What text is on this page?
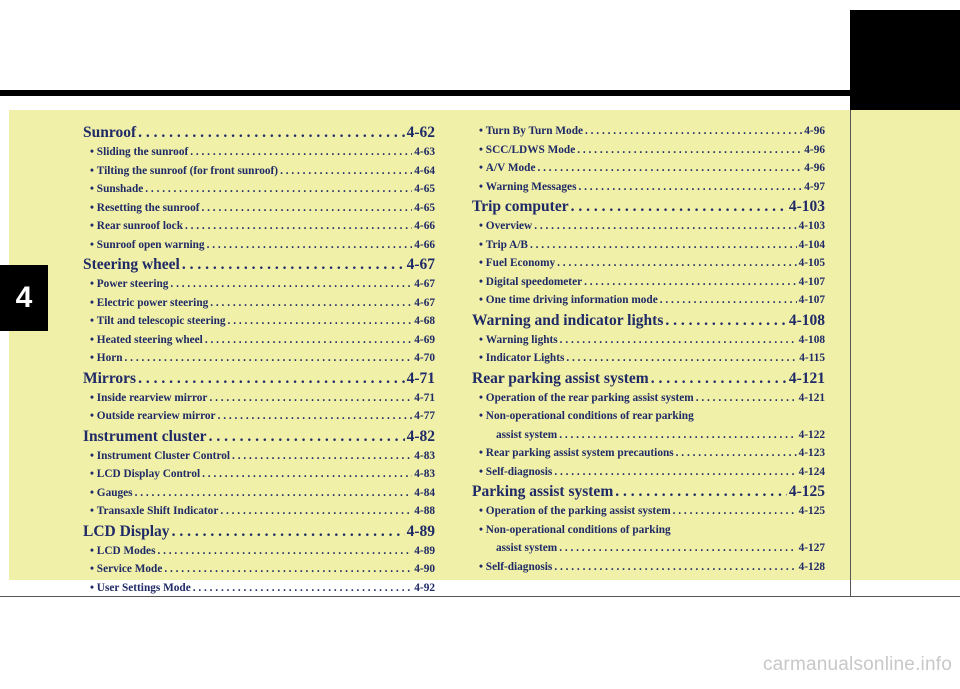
4
Sunroof . . .	4-62
• Sliding the sunroof . . .	4-63
• Tilting the sunroof (for front sunroof) . . .	4-64
• Sunshade . . .	4-65
• Resetting the sunroof . . .	4-65
• Rear sunroof lock . . .	4-66
• Sunroof open warning . . .	4-66
Steering wheel . . .	4-67
• Power steering . . .	4-67
• Electric power steering . . .	4-67
• Tilt and telescopic steering . . .	4-68
• Heated steering wheel . . .	4-69
• Horn . . .	4-70
Mirrors . . .	4-71
• Inside rearview mirror . . .	4-71
• Outside rearview mirror . . .	4-77
Instrument cluster . . .	4-82
• Instrument Cluster Control . . .	4-83
• LCD Display Control . . .	4-83
• Gauges . . .	4-84
• Transaxle Shift Indicator . . .	4-88
LCD Display . . .	4-89
• LCD Modes . . .	4-89
• Service Mode . . .	4-90
• User Settings Mode . . .	4-92
• Turn By Turn Mode . . .	4-96
• SCC/LDWS Mode . . .	4-96
• A/V Mode . . .	4-96
• Warning Messages . . .	4-97
Trip computer . . .	4-103
• Overview . . .	4-103
• Trip A/B . . .	4-104
• Fuel Economy . . .	4-105
• Digital speedometer . . .	4-107
• One time driving information mode . . .	4-107
Warning and indicator lights . . .	4-108
• Warning lights . . .	4-108
• Indicator Lights . . .	4-115
Rear parking assist system . . .	4-121
• Operation of the rear parking assist system . . .	4-121
• Non-operational conditions of rear parking
assist system . . .	4-122
• Rear parking assist system precautions . . .	4-123
• Self-diagnosis . . .	4-124
Parking assist system . . .	4-125
• Operation of the parking assist system . . .	4-125
• Non-operational conditions of parking
assist system . . .	4-127
• Self-diagnosis . . .	4-128
carmanualsonline.info
